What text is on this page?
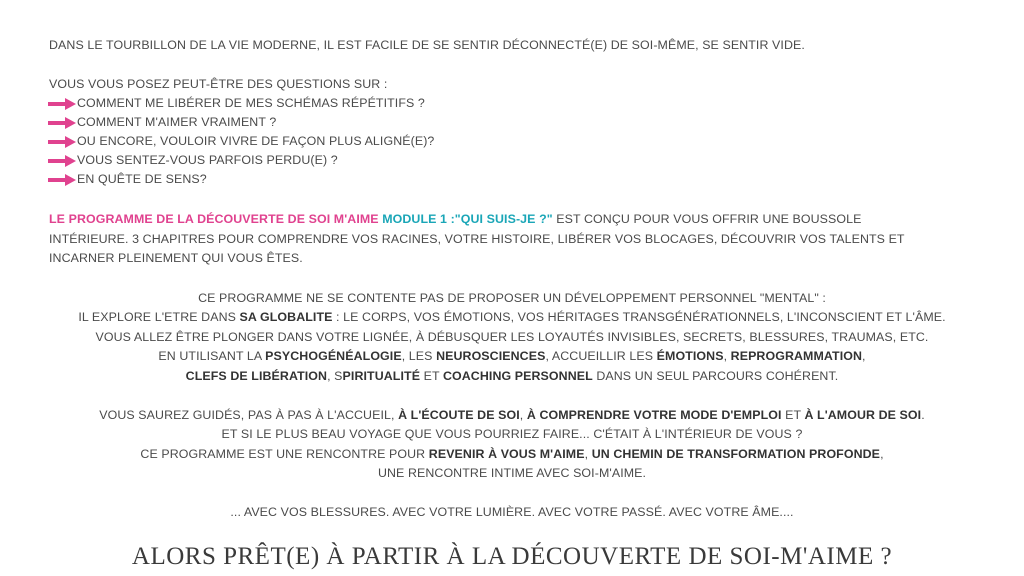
DANS LE TOURBILLON DE LA VIE MODERNE, IL EST FACILE DE SE SENTIR DÉCONNECTÉ(E) DE SOI-MÊME, SE SENTIR VIDE.
VOUS VOUS POSEZ PEUT-ÊTRE DES QUESTIONS SUR :
COMMENT ME LIBÉRER DE MES SCHÉMAS RÉPÉTITIFS ?
COMMENT M'AIMER VRAIMENT ?
OU ENCORE, VOULOIR VIVRE DE FAÇON PLUS ALIGNÉ(E)?
VOUS SENTEZ-VOUS PARFOIS PERDU(E) ?
EN QUÊTE DE SENS?
LE PROGRAMME DE LA DÉCOUVERTE DE SOI M'AIME MODULE 1 :"QUI SUIS-JE ?" EST CONÇU POUR VOUS OFFRIR UNE BOUSSOLE
INTÉRIEURE. 3 CHAPITRES POUR COMPRENDRE VOS RACINES, VOTRE HISTOIRE, LIBÉRER VOS BLOCAGES, DÉCOUVRIR VOS TALENTS ET
INCARNER PLEINEMENT QUI VOUS ÊTES.
CE PROGRAMME NE SE CONTENTE PAS DE PROPOSER UN DÉVELOPPEMENT PERSONNEL "MENTAL" :
IL EXPLORE L'ETRE DANS SA GLOBALITE : LE CORPS, VOS ÉMOTIONS, VOS HÉRITAGES TRANSGÉNÉRATIONNELS, L'INCONSCIENT ET L'ÂME.
VOUS ALLEZ ÊTRE PLONGER DANS VOTRE LIGNÉE, À DÉBUSQUER LES LOYAUTÉS INVISIBLES, SECRETS, BLESSURES, TRAUMAS, ETC.
EN UTILISANT LA PSYCHOGÉNÉALOGIE, LES NEUROSCIENCES, ACCUEILLIR LES ÉMOTIONS, REPROGRAMMATION,
CLEFS DE LIBÉRATION, SPIRITUALITÉ ET COACHING PERSONNEL DANS UN SEUL PARCOURS COHÉRENT.
VOUS SAUREZ GUIDÉS, PAS À PAS À L'ACCUEIL, À L'ÉCOUTE DE SOI, À COMPRENDRE VOTRE MODE D'EMPLOI ET À L'AMOUR DE SOI.
ET SI LE PLUS BEAU VOYAGE QUE VOUS POURRIEZ FAIRE... C'ÉTAIT À L'INTÉRIEUR DE VOUS ?
CE PROGRAMME EST UNE RENCONTRE POUR REVENIR À VOUS M'AIME, UN CHEMIN DE TRANSFORMATION PROFONDE,
UNE RENCONTRE INTIME AVEC SOI-M'AIME.
... AVEC VOS BLESSURES. AVEC VOTRE LUMIÈRE. AVEC VOTRE PASSÉ. AVEC VOTRE ÂME....
ALORS PRÊT(E) À PARTIR À LA DÉCOUVERTE DE SOI-M'AIME ?
